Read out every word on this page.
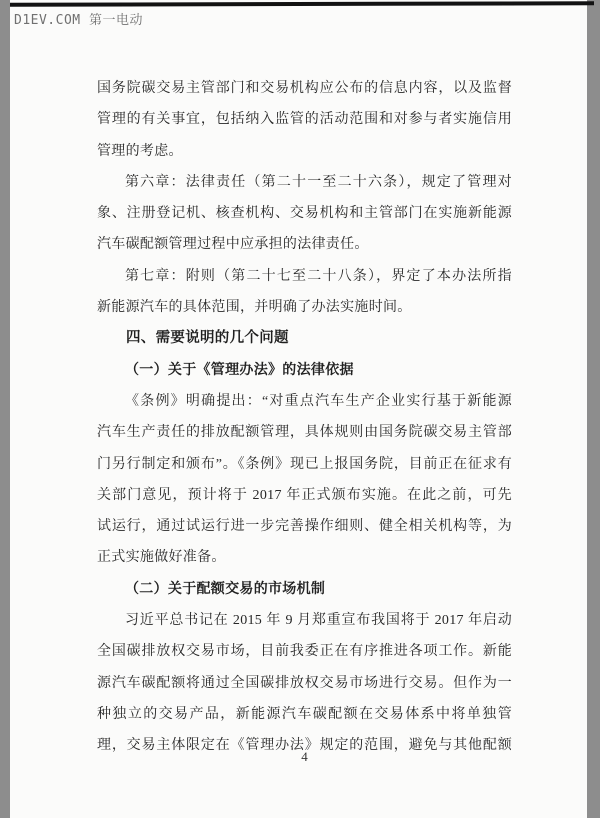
D1EV.COM 第一电动
国务院碳交易主管部门和交易机构应公布的信息内容，以及监督
管理的有关事宜，包括纳入监管的活动范围和对参与者实施信用
管理的考虑。
第六章：法律责任（第二十一至二十六条），规定了管理对
象、注册登记机、核查机构、交易机构和主管部门在实施新能源
汽车碳配额管理过程中应承担的法律责任。
第七章：附则（第二十七至二十八条），界定了本办法所指
新能源汽车的具体范围，并明确了办法实施时间。
四、需要说明的几个问题
（一）关于《管理办法》的法律依据
《条例》明确提出：“对重点汽车生产企业实行基于新能源
汽车生产责任的排放配额管理，具体规则由国务院碳交易主管部
门另行制定和颁布”。《条例》现已上报国务院，目前正在征求有
关部门意见，预计将于 2017 年正式颁布实施。在此之前，可先
试运行，通过试运行进一步完善操作细则、健全相关机构等，为
正式实施做好准备。
（二）关于配额交易的市场机制
习近平总书记在 2015 年 9 月郑重宣布我国将于 2017 年启动
全国碳排放权交易市场，目前我委正在有序推进各项工作。新能
源汽车碳配额将通过全国碳排放权交易市场进行交易。但作为一
种独立的交易产品，新能源汽车碳配额在交易体系中将单独管
理，交易主体限定在《管理办法》规定的范围，避免与其他配额
4
